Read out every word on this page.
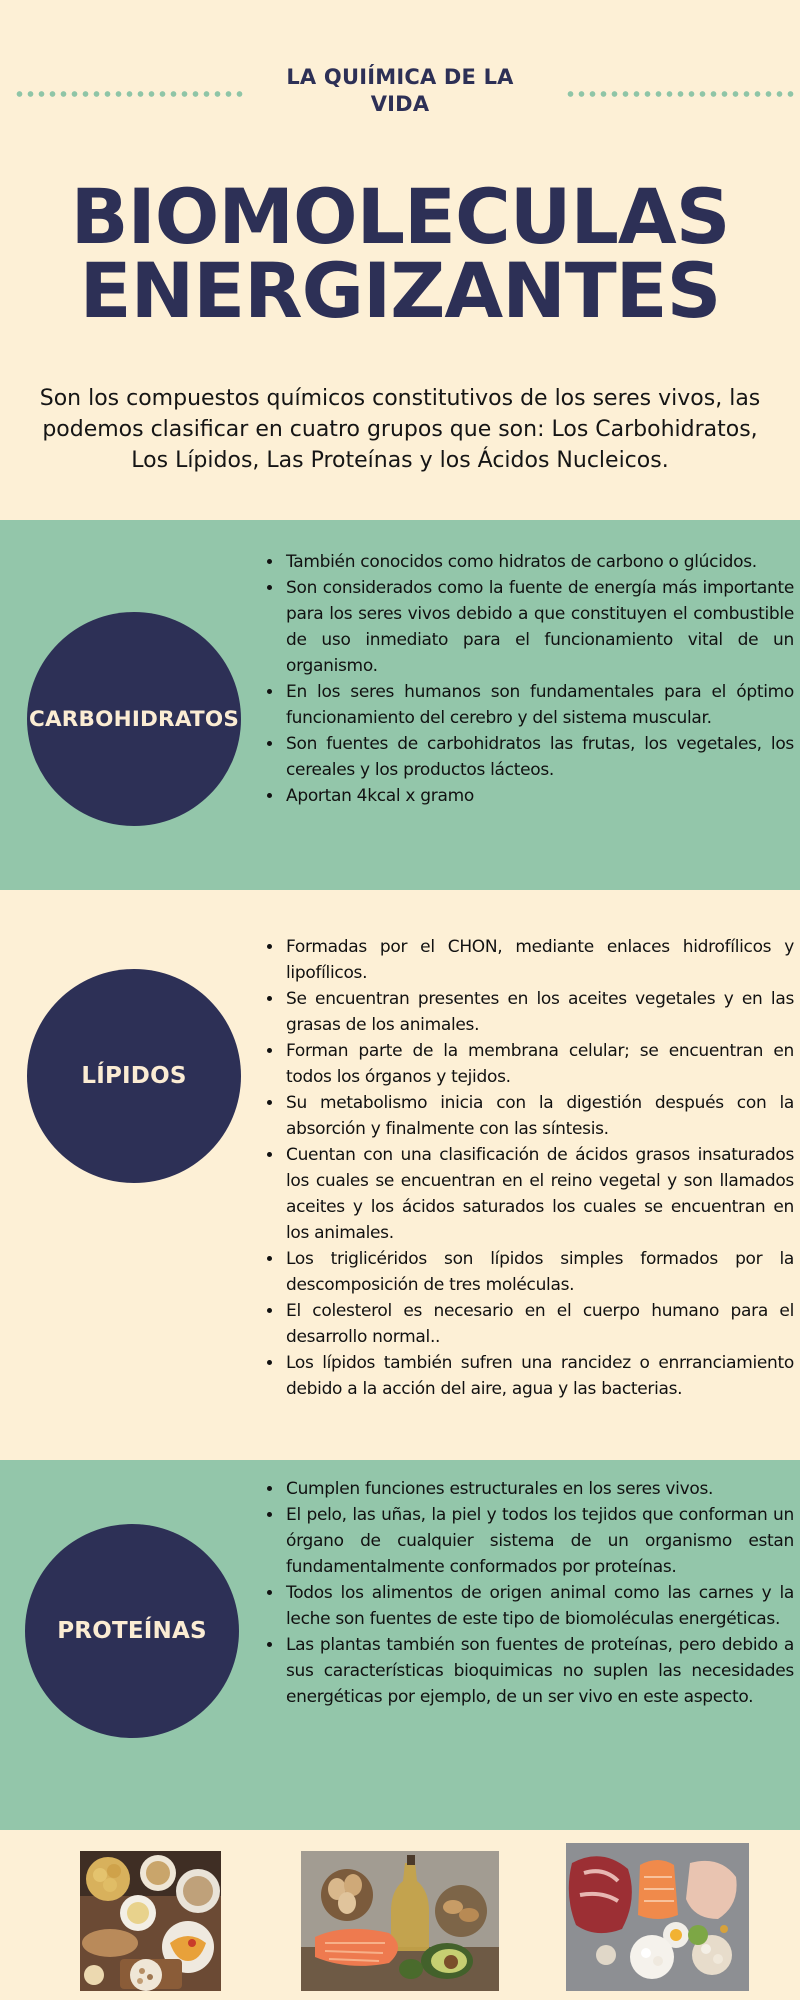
LA QUIÍMICA DE LA VIDA
BIOMOLECULAS
ENERGIZANTES
Son los compuestos químicos constitutivos de los seres vivos, las podemos clasificar en cuatro grupos que son: Los Carbohidratos, Los Lípidos, Las Proteínas y los Ácidos Nucleicos.
CARBOHIDRATOS
• También conocidos como hidratos de carbono o glúcidos.
• Son considerados como la fuente de energía más importante para los seres vivos debido a que constituyen el combustible de uso inmediato para el funcionamiento vital de un organismo.
• En los seres humanos son fundamentales para el óptimo funcionamiento del cerebro y del sistema muscular.
• Son fuentes de carbohidratos las frutas, los vegetales, los cereales y los productos lácteos.
• Aportan 4kcal x gramo
LÍPIDOS
• Formadas por el CHON, mediante enlaces hidrofílicos y lipofílicos.
• Se encuentran presentes en los aceites vegetales y en las grasas de los animales.
• Forman parte de la membrana celular; se encuentran en todos los órganos y tejidos.
• Su metabolismo inicia con la digestión después con la absorción y finalmente con las síntesis.
• Cuentan con una clasificación de ácidos grasos insaturados los cuales se encuentran en el reino vegetal y son llamados aceites y los ácidos saturados los cuales se encuentran en los animales.
• Los triglicéridos son lípidos simples formados por la descomposición de tres moléculas.
• El colesterol es necesario en el cuerpo humano para el desarrollo normal..
• Los lípidos también sufren una rancidez o enrranciamiento debido a la acción del aire, agua y las bacterias.
PROTEÍNAS
• Cumplen funciones estructurales en los seres vivos.
• El pelo, las uñas, la piel y todos los tejidos que conforman un órgano de cualquier sistema de un organismo estan fundamentalmente conformados por proteínas.
• Todos los alimentos de origen animal como las carnes y la leche son fuentes de este tipo de biomoléculas energéticas.
• Las plantas también son fuentes de proteínas, pero debido a sus características bioquimicas no suplen las necesidades energéticas por ejemplo, de un ser vivo en este aspecto.
